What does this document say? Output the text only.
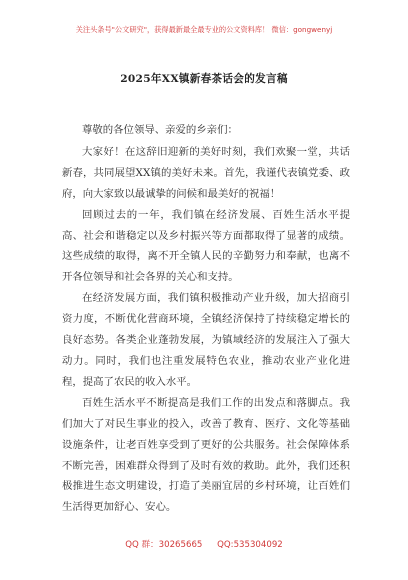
关注头条号"公文研究"，获得最新最全最专业的公文资料库！ 微信：gongwenyj
2025年XX镇新春茶话会的发言稿

尊敬的各位领导、亲爱的乡亲们：

大家好！在这辞旧迎新的美好时刻，我们欢聚一堂，共话新春，共同展望XX镇的美好未来。首先，我谨代表镇党委、政府，向大家致以最诚挚的问候和最美好的祝福！

回顾过去的一年，我们镇在经济发展、百姓生活水平提高、社会和谐稳定以及乡村振兴等方面都取得了显著的成绩。这些成绩的取得，离不开全镇人民的辛勤努力和奉献，也离不开各位领导和社会各界的关心和支持。

在经济发展方面，我们镇积极推动产业升级，加大招商引资力度，不断优化营商环境，全镇经济保持了持续稳定增长的良好态势。各类企业蓬勃发展，为镇域经济的发展注入了强大动力。同时，我们也注重发展特色农业，推动农业产业化进程，提高了农民的收入水平。

百姓生活水平不断提高是我们工作的出发点和落脚点。我们加大了对民生事业的投入，改善了教育、医疗、文化等基础设施条件，让老百姓享受到了更好的公共服务。社会保障体系不断完善，困难群众得到了及时有效的救助。此外，我们还积极推进生态文明建设，打造了美丽宜居的乡村环境，让百姓们生活得更加舒心、安心。

QQ 群：30265665 QQ:535304092
